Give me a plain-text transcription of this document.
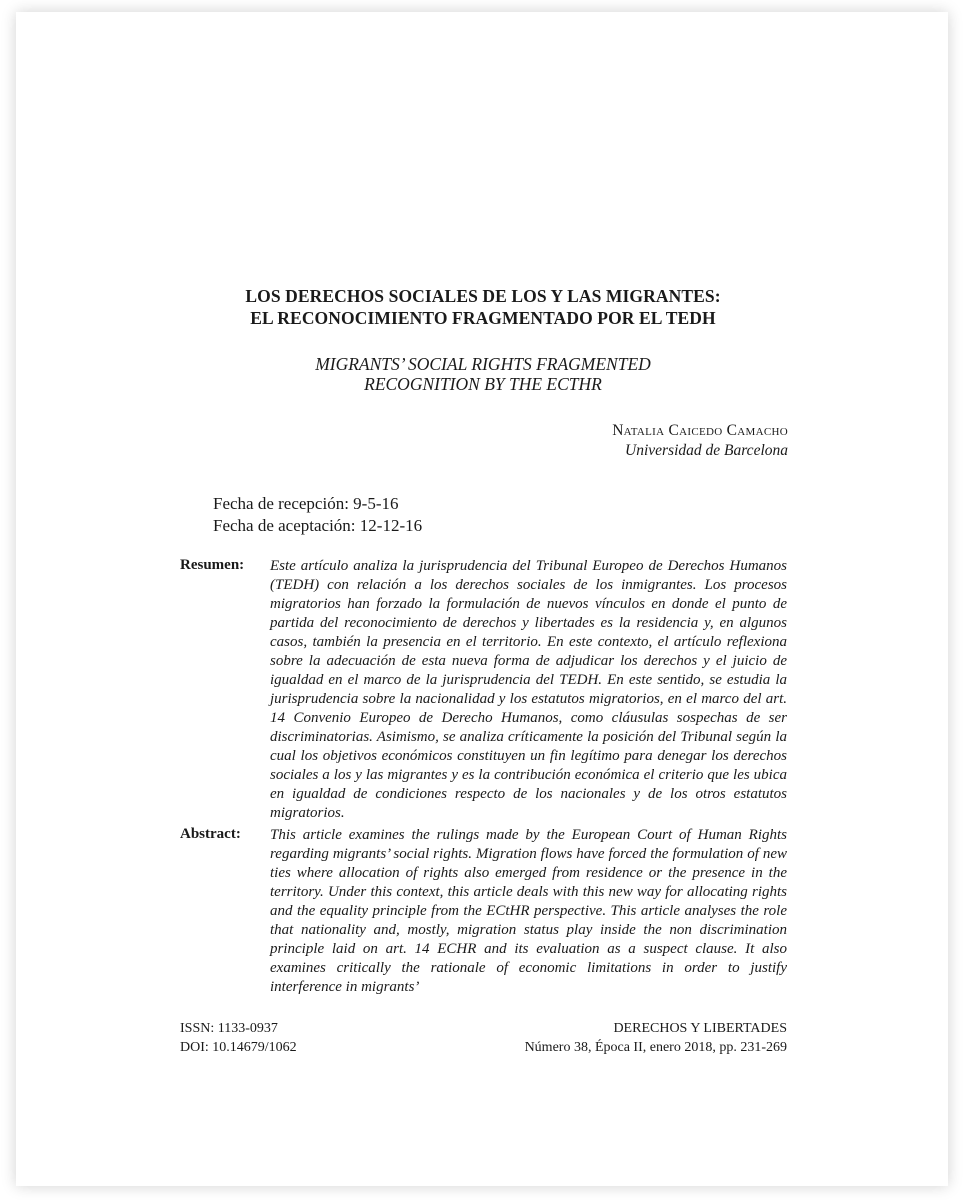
LOS DERECHOS SOCIALES DE LOS Y LAS MIGRANTES:
EL RECONOCIMIENTO FRAGMENTADO POR EL TEDH
MIGRANTS’ SOCIAL RIGHTS FRAGMENTED
RECOGNITION BY THE ECTHR
Natalia Caicedo Camacho
Universidad de Barcelona
Fecha de recepción: 9-5-16
Fecha de aceptación: 12-12-16
Resumen: Este artículo analiza la jurisprudencia del Tribunal Europeo de Derechos Humanos (TEDH) con relación a los derechos sociales de los inmigrantes. Los procesos migratorios han forzado la formulación de nuevos vínculos en donde el punto de partida del reconocimiento de derechos y libertades es la residencia y, en algunos casos, también la presencia en el territorio. En este contexto, el artículo reflexiona sobre la adecuación de esta nueva forma de adjudicar los derechos y el juicio de igualdad en el marco de la jurisprudencia del TEDH. En este sentido, se estudia la jurisprudencia sobre la nacionalidad y los estatutos migratorios, en el marco del art. 14 Convenio Europeo de Derecho Humanos, como cláusulas sospechas de ser discriminatorias. Asimismo, se analiza críticamente la posición del Tribunal según la cual los objetivos económicos constituyen un fin legítimo para denegar los derechos sociales a los y las migrantes y es la contribución económica el criterio que les ubica en igualdad de condiciones respecto de los nacionales y de los otros estatutos migratorios.
Abstract: This article examines the rulings made by the European Court of Human Rights regarding migrants’ social rights. Migration flows have forced the formulation of new ties where allocation of rights also emerged from residence or the presence in the territory. Under this context, this article deals with this new way for allocating rights and the equality principle from the ECtHR perspective. This article analyses the role that nationality and, mostly, migration status play inside the non discrimination principle laid on art. 14 ECHR and its evaluation as a suspect clause. It also examines critically the rationale of economic limitations in order to justify interference in migrants’
ISSN: 1133-0937
DOI: 10.14679/1062
DERECHOS Y LIBERTADES
Número 38, Época II, enero 2018, pp. 231-269
